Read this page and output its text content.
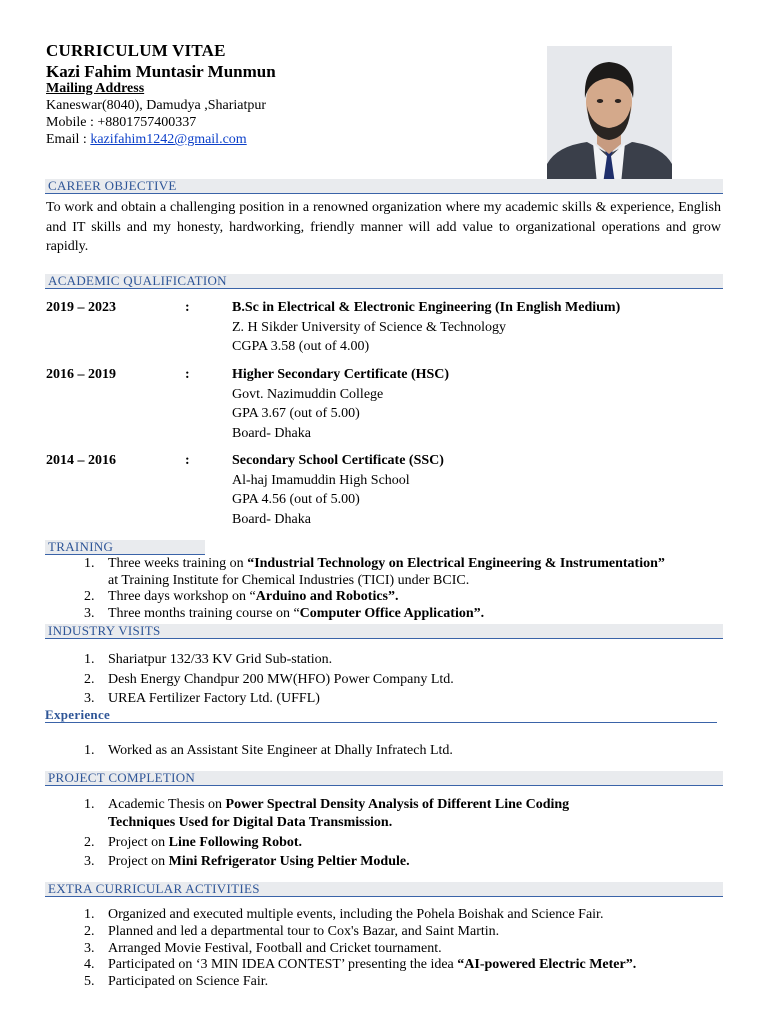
CURRICULUM VITAE
Kazi Fahim Muntasir Munmun
Mailing Address
Kaneswar(8040), Damudya ,Shariatpur
Mobile : +8801757400337
Email : kazifahim1242@gmail.com
CAREER OBJECTIVE
To work and obtain a challenging position in a renowned organization where my academic skills & experience, English and IT skills and my honesty, hardworking, friendly manner will add value to organizational operations and grow rapidly.
ACADEMIC QUALIFICATION
2019 – 2023	:	B.Sc in Electrical & Electronic Engineering (In English Medium)
Z. H Sikder University of Science & Technology
CGPA 3.58 (out of 4.00)
2016 – 2019	:	Higher Secondary Certificate (HSC)
Govt. Nazimuddin College
GPA 3.67 (out of 5.00)
Board- Dhaka
2014 – 2016	:	Secondary School Certificate (SSC)
Al-haj Imamuddin High School
GPA 4.56 (out of 5.00)
Board- Dhaka
TRAINING
1. Three weeks training on “Industrial Technology on Electrical Engineering & Instrumentation”
at Training Institute for Chemical Industries (TICI) under BCIC.
2. Three days workshop on “Arduino and Robotics”.
3. Three months training course on “Computer Office Application”.
INDUSTRY VISITS
1. Shariatpur 132/33 KV Grid Sub-station.
2. Desh Energy Chandpur 200 MW(HFO) Power Company Ltd.
3. UREA Fertilizer Factory Ltd. (UFFL)
Experience
1. Worked as an Assistant Site Engineer at Dhally Infratech Ltd.
PROJECT COMPLETION
1. Academic Thesis on Power Spectral Density Analysis of Different Line Coding
Techniques Used for Digital Data Transmission.
2. Project on Line Following Robot.
3. Project on Mini Refrigerator Using Peltier Module.
EXTRA CURRICULAR ACTIVITIES
1. Organized and executed multiple events, including the Pohela Boishak and Science Fair.
2. Planned and led a departmental tour to Cox's Bazar, and Saint Martin.
3. Arranged Movie Festival, Football and Cricket tournament.
4. Participated on ‘3 MIN IDEA CONTEST’ presenting the idea “AI-powered Electric Meter”.
5. Participated on Science Fair.
